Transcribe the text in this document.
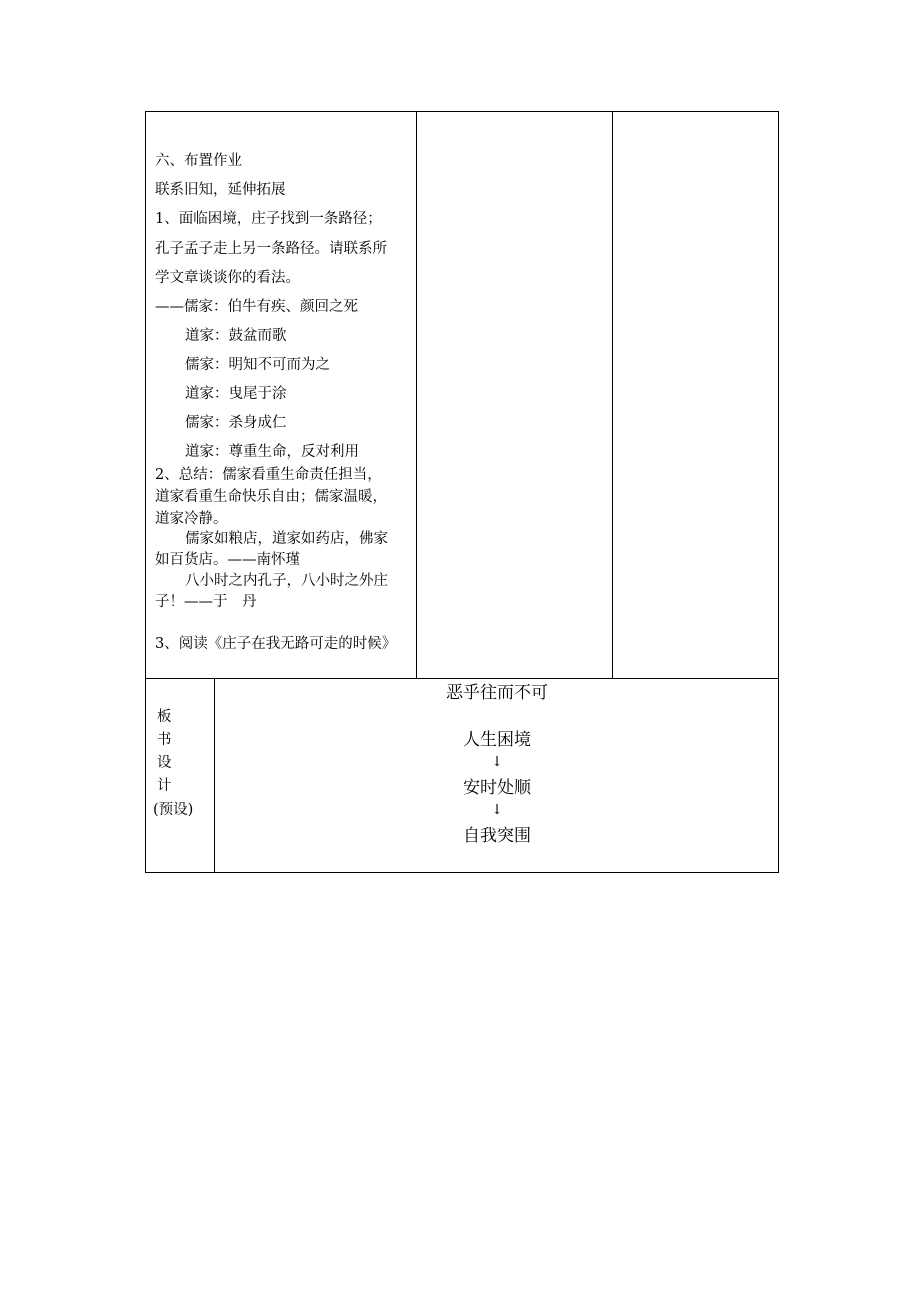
六、布置作业
联系旧知，延伸拓展
1、面临困境，庄子找到一条路径；
孔子孟子走上另一条路径。请联系所
学文章谈谈你的看法。
——儒家：伯牛有疾、颜回之死
道家：鼓盆而歌
儒家：明知不可而为之
道家：曳尾于涂
儒家：杀身成仁
道家：尊重生命，反对利用
2、总结：儒家看重生命责任担当，
道家看重生命快乐自由；儒家温暖，
道家冷静。
儒家如粮店，道家如药店，佛家
如百货店。——南怀瑾
八小时之内孔子，八小时之外庄
子！——于　丹
3、阅读《庄子在我无路可走的时候》
板
书
设
计
(预设)
恶乎往而不可
人生困境
↓
安时处顺
↓
自我突围
